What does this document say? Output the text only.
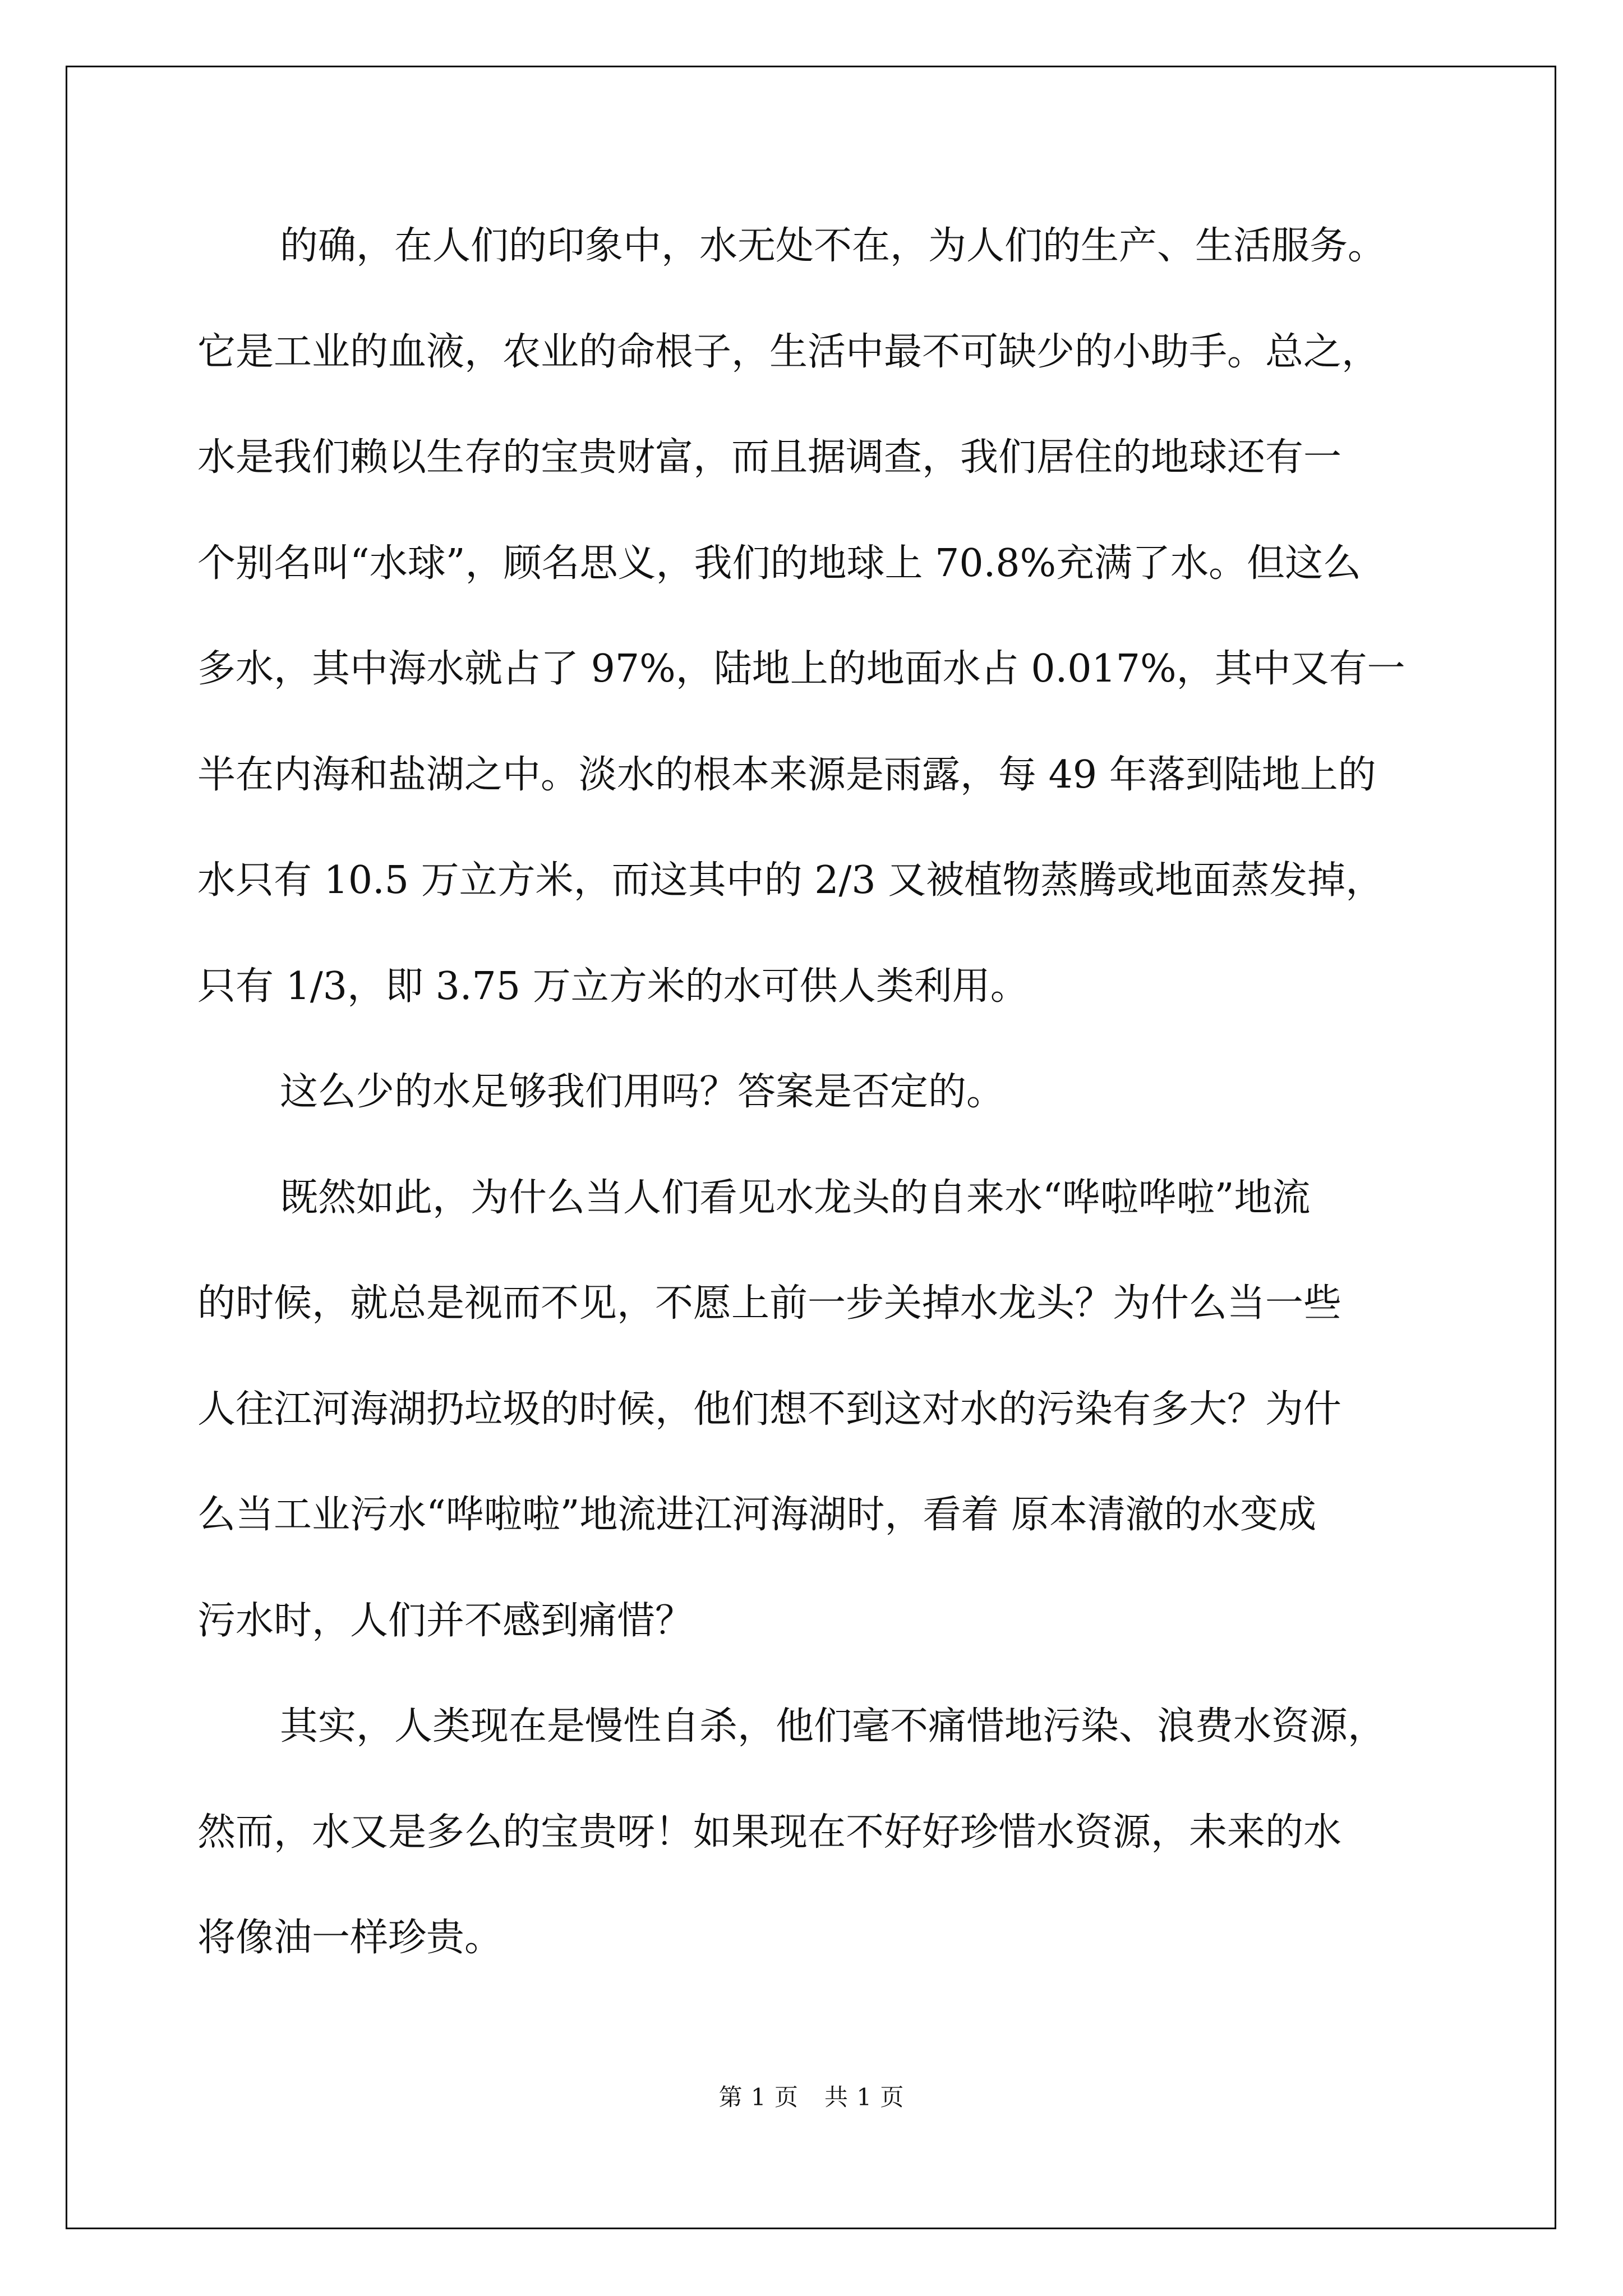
的确，在人们的印象中，水无处不在，为人们的生产、生活服务。
它是工业的血液，农业的命根子，生活中最不可缺少的小助手。总之，
水是我们赖以生存的宝贵财富，而且据调查，我们居住的地球还有一
个别名叫“水球”，顾名思义，我们的地球上 70.8%充满了水。但这么
多水，其中海水就占了 97%，陆地上的地面水占 0.017%，其中又有一
半在内海和盐湖之中。淡水的根本来源是雨露，每 49 年落到陆地上的
水只有 10.5 万立方米，而这其中的 2/3 又被植物蒸腾或地面蒸发掉，
只有 1/3，即 3.75 万立方米的水可供人类利用。
这么少的水足够我们用吗？答案是否定的。
既然如此，为什么当人们看见水龙头的自来水“哗啦哗啦”地流
的时候，就总是视而不见，不愿上前一步关掉水龙头？为什么当一些
人往江河海湖扔垃圾的时候，他们想不到这对水的污染有多大？为什
么当工业污水“哗啦啦”地流进江河海湖时，看着 原本清澈的水变成
污水时，人们并不感到痛惜？
其实，人类现在是慢性自杀，他们毫不痛惜地污染、浪费水资源，
然而，水又是多么的宝贵呀！如果现在不好好珍惜水资源，未来的水
将像油一样珍贵。
第 1 页 共 1 页
